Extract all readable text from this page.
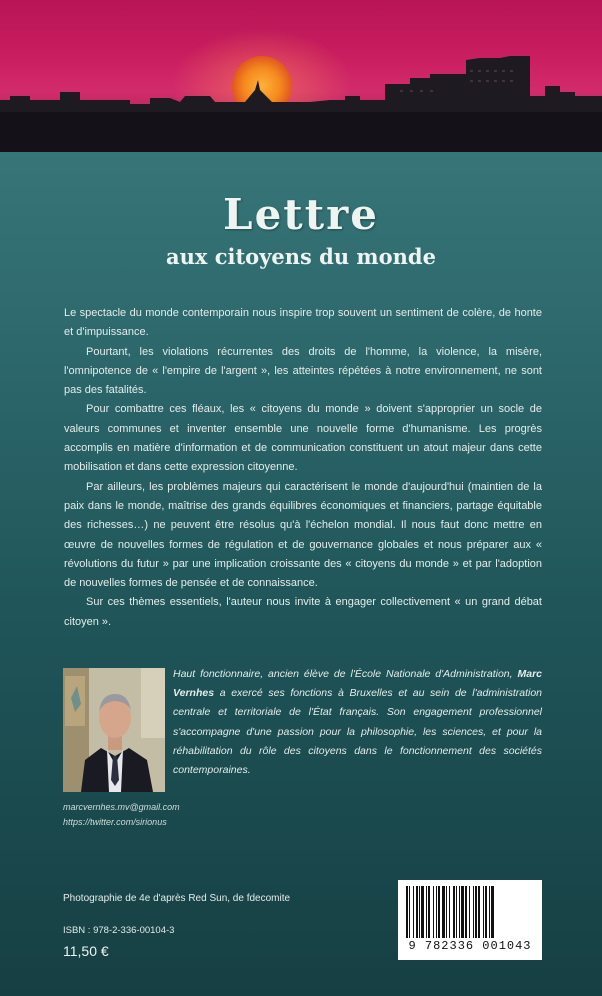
Lettre
aux citoyens du monde

Le spectacle du monde contemporain nous inspire trop souvent un sentiment de colère, de honte et d'impuissance.

Pourtant, les violations récurrentes des droits de l'homme, la violence, la misère, l'omnipotence de « l'empire de l'argent », les atteintes répétées à notre environnement, ne sont pas des fatalités.

Pour combattre ces fléaux, les « citoyens du monde » doivent s'approprier un socle de valeurs communes et inventer ensemble une nouvelle forme d'humanisme. Les progrès accomplis en matière d'information et de communication constituent un atout majeur dans cette mobilisation et dans cette expression citoyenne.

Par ailleurs, les problèmes majeurs qui caractérisent le monde d'aujourd'hui (maintien de la paix dans le monde, maîtrise des grands équilibres économiques et financiers, partage équitable des richesses…) ne peuvent être résolus qu'à l'échelon mondial. Il nous faut donc mettre en œuvre de nouvelles formes de régulation et de gouvernance globales et nous préparer aux « révolutions du futur » par une implication croissante des « citoyens du monde » et par l'adoption de nouvelles formes de pensée et de connaissance.

Sur ces thèmes essentiels, l'auteur nous invite à engager collectivement « un grand débat citoyen ».

Haut fonctionnaire, ancien élève de l'École Nationale d'Administration, Marc Vernhes a exercé ses fonctions à Bruxelles et au sein de l'administration centrale et territoriale de l'État français. Son engagement professionnel s'accompagne d'une passion pour la philosophie, les sciences, et pour la réhabilitation du rôle des citoyens dans le fonctionnement des sociétés contemporaines.
marcvernhes.mv@gmail.com
https://twitter.com/sirionus
Photographie de 4e d'après Red Sun, de fdecomite
ISBN : 978-2-336-00104-3
11,50 €	9 782336 001043
